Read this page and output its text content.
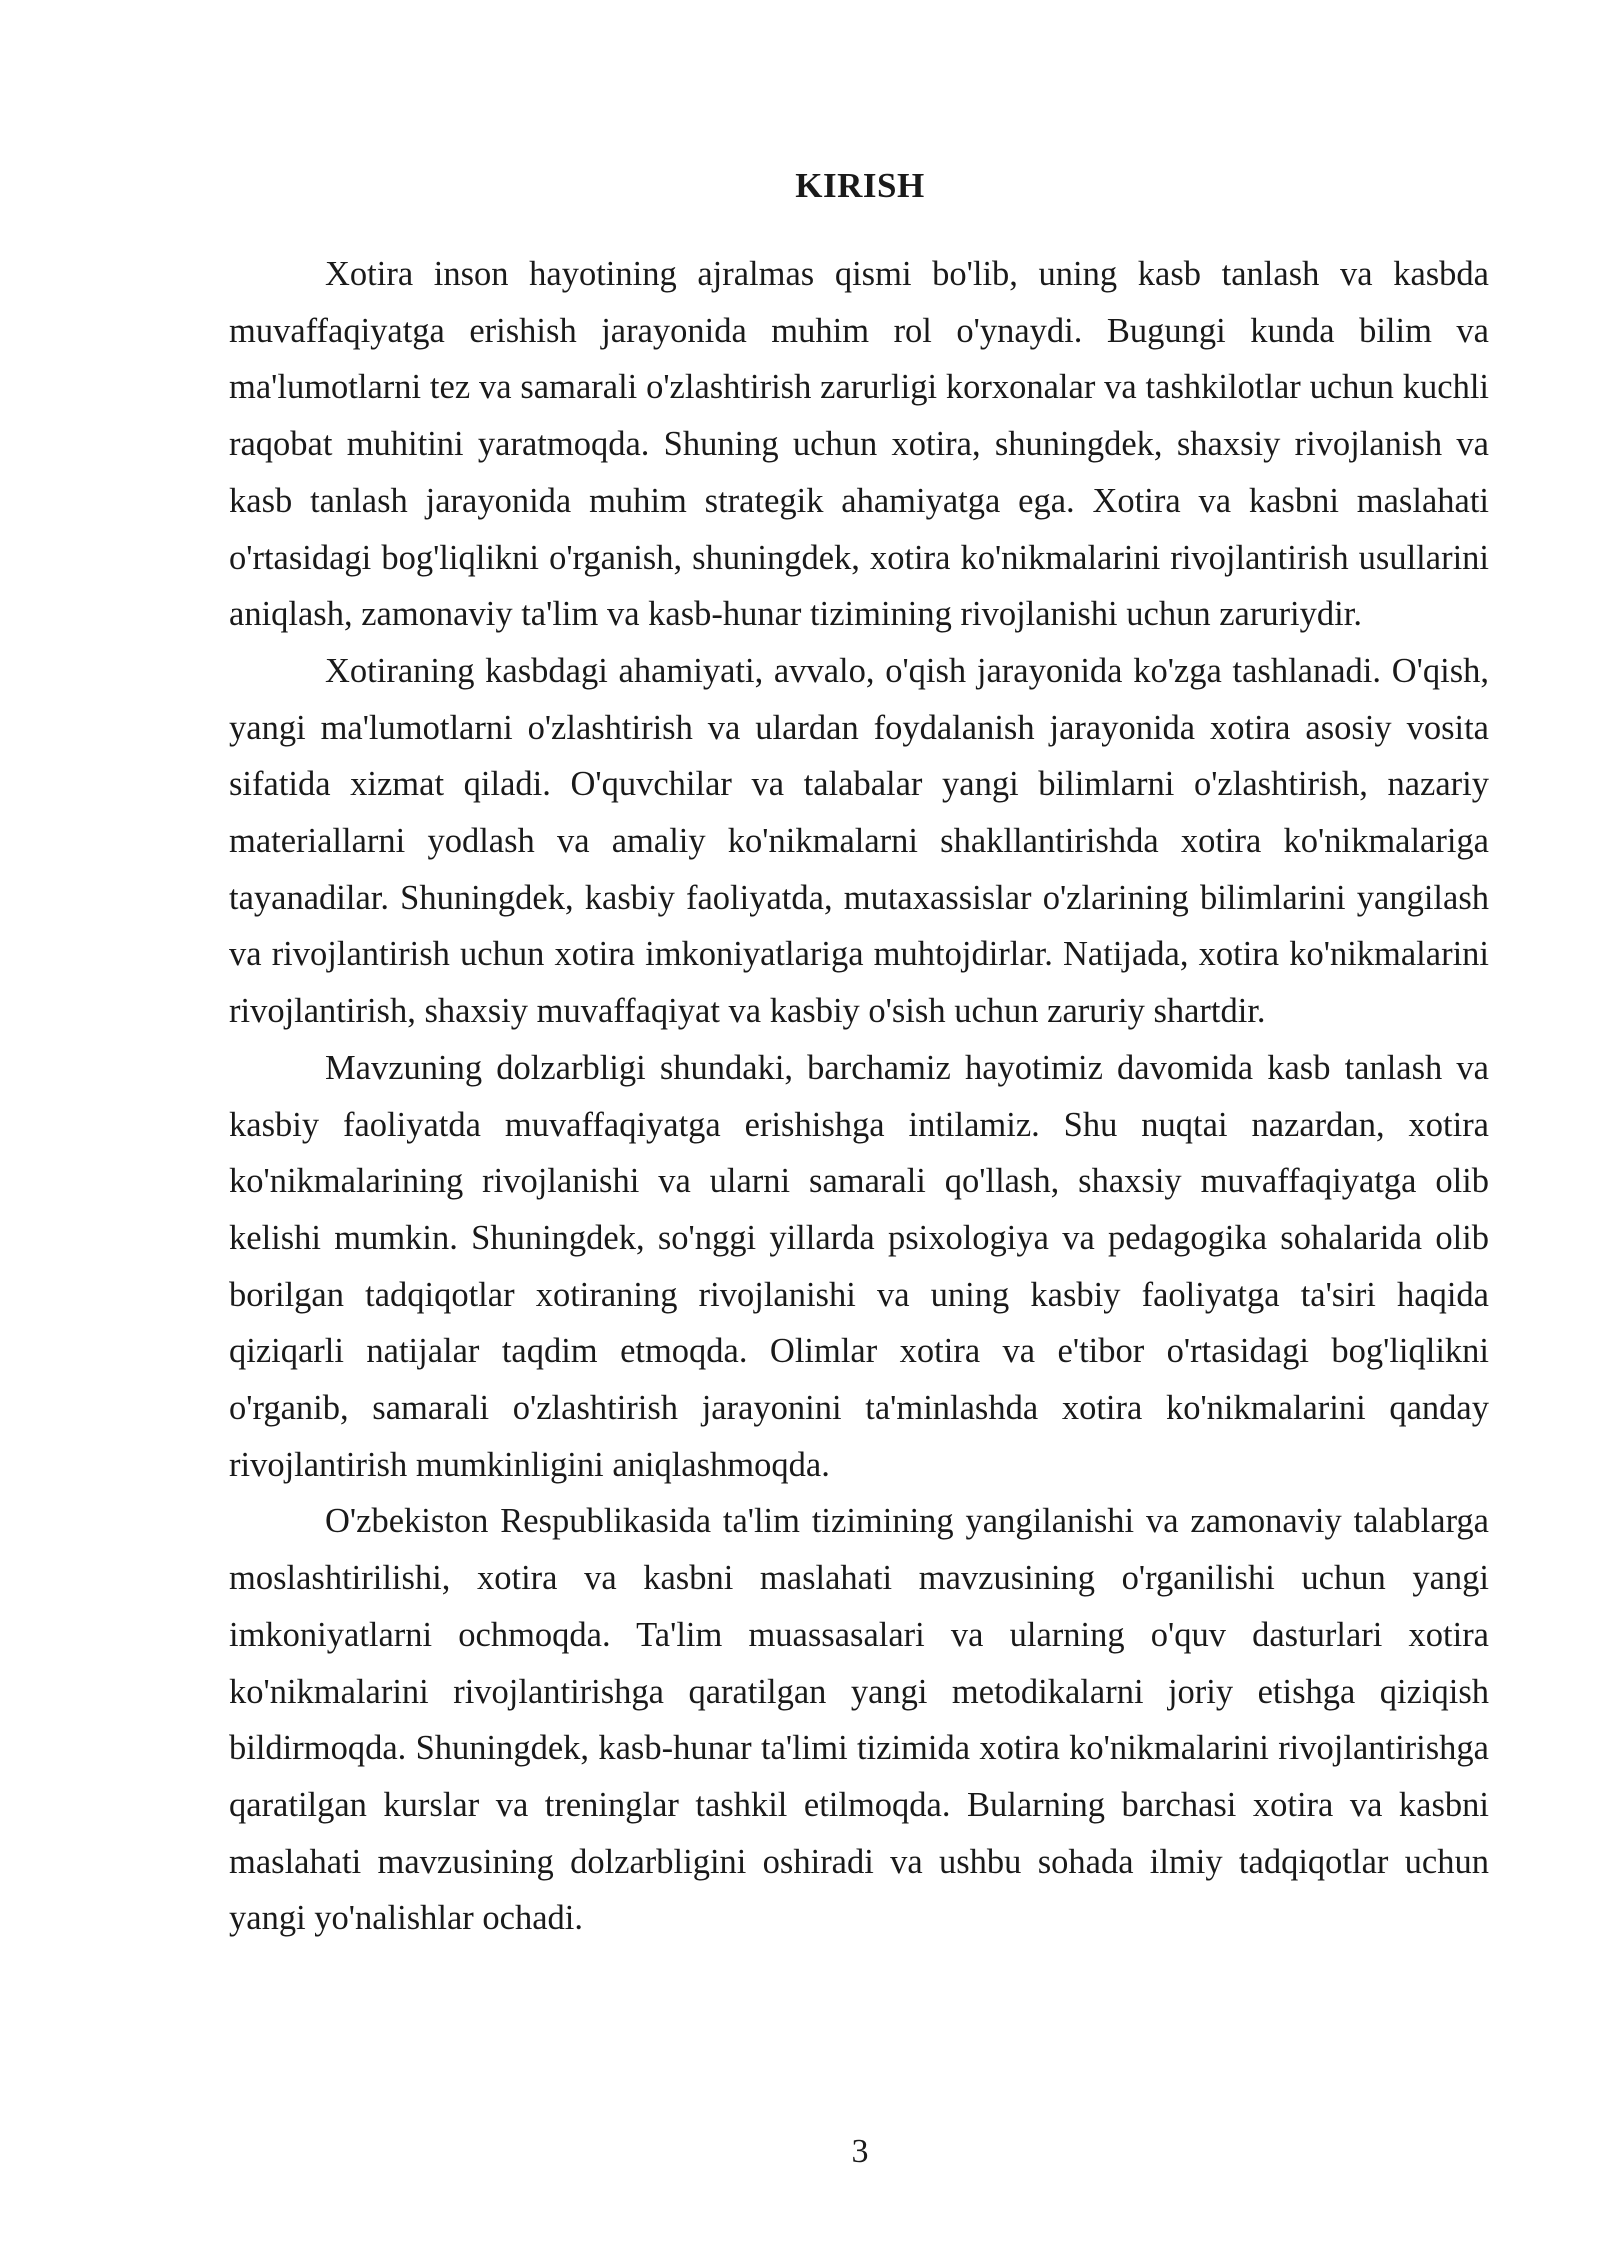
KIRISH

Xotira inson hayotining ajralmas qismi bo'lib, uning kasb tanlash va kasbda muvaffaqiyatga erishish jarayonida muhim rol o'ynaydi. Bugungi kunda bilim va ma'lumotlarni tez va samarali o'zlashtirish zarurligi korxonalar va tashkilotlar uchun kuchli raqobat muhitini yaratmoqda. Shuning uchun xotira, shuningdek, shaxsiy rivojlanish va kasb tanlash jarayonida muhim strategik ahamiyatga ega. Xotira va kasbni maslahati o'rtasidagi bog'liqlikni o'rganish, shuningdek, xotira ko'nikmalarini rivojlantirish usullarini aniqlash, zamonaviy ta'lim va kasb-hunar tizimining rivojlanishi uchun zaruriydir.

Xotiraning kasbdagi ahamiyati, avvalo, o'qish jarayonida ko'zga tashlanadi. O'qish, yangi ma'lumotlarni o'zlashtirish va ulardan foydalanish jarayonida xotira asosiy vosita sifatida xizmat qiladi. O'quvchilar va talabalar yangi bilimlarni o'zlashtirish, nazariy materiallarni yodlash va amaliy ko'nikmalarni shakllantirishda xotira ko'nikmalariga tayanadilar. Shuningdek, kasbiy faoliyatda, mutaxassislar o'zlarining bilimlarini yangilash va rivojlantirish uchun xotira imkoniyatlariga muhtojdirlar. Natijada, xotira ko'nikmalarini rivojlantirish, shaxsiy muvaffaqiyat va kasbiy o'sish uchun zaruriy shartdir.

Mavzuning dolzarbligi shundaki, barchamiz hayotimiz davomida kasb tanlash va kasbiy faoliyatda muvaffaqiyatga erishishga intilamiz. Shu nuqtai nazardan, xotira ko'nikmalarining rivojlanishi va ularni samarali qo'llash, shaxsiy muvaffaqiyatga olib kelishi mumkin. Shuningdek, so'nggi yillarda psixologiya va pedagogika sohalarida olib borilgan tadqiqotlar xotiraning rivojlanishi va uning kasbiy faoliyatga ta'siri haqida qiziqarli natijalar taqdim etmoqda. Olimlar xotira va e'tibor o'rtasidagi bog'liqlikni o'rganib, samarali o'zlashtirish jarayonini ta'minlashda xotira ko'nikmalarini qanday rivojlantirish mumkinligini aniqlashmoqda.

O'zbekiston Respublikasida ta'lim tizimining yangilanishi va zamonaviy talablarga moslashtirilishi, xotira va kasbni maslahati mavzusining o'rganilishi uchun yangi imkoniyatlarni ochmoqda. Ta'lim muassasalari va ularning o'quv dasturlari xotira ko'nikmalarini rivojlantirishga qaratilgan yangi metodikalarni joriy etishga qiziqish bildirmoqda. Shuningdek, kasb-hunar ta'limi tizimida xotira ko'nikmalarini rivojlantirishga qaratilgan kurslar va treninglar tashkil etilmoqda. Bularning barchasi xotira va kasbni maslahati mavzusining dolzarbligini oshiradi va ushbu sohada ilmiy tadqiqotlar uchun yangi yo'nalishlar ochadi.

3
